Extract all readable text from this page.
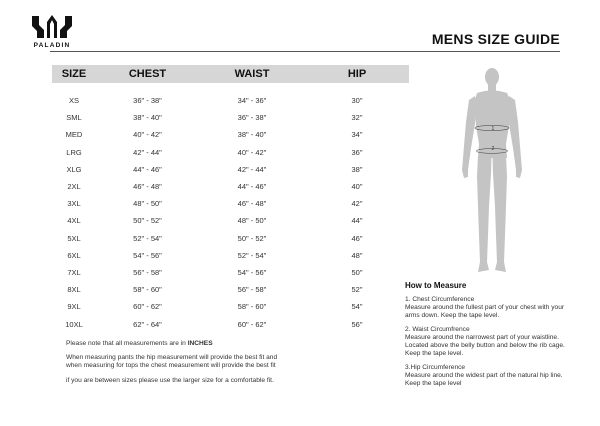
PALADIN	MENS SIZE GUIDE
SIZE	CHEST	WAIST	HIP

XS	36" - 38"	34" - 36"	30"
SML	38" - 40"	36" - 38"	32"
MED	40" - 42"	38" - 40"	34"
LRG	42" - 44"	40" - 42"	36"
XLG	44" - 46"	42" - 44"	38"
2XL	46" - 48"	44" - 46"	40"
3XL	48" - 50"	46" - 48"	42"
4XL	50" - 52"	48" - 50"	44"
5XL	52" - 54"	50" - 52"	46"
6XL	54" - 56"	52" - 54"	48"
7XL	56" - 58"	54" - 56"	50"
8XL	58" - 60"	56" - 58"	52"
9XL	60" - 62"	58" - 60"	54"
10XL	62" - 64"	60" - 62"	56"

Please note that all measurements are in INCHES

When measuring pants the hip measurement will provide the best fit and
when measuring for tops the chest measurement will provide the best fit

if you are between sizes please use the larger size for a comfortable fit.

1
2
How to Measure
1. Chest Circumference
Measure around the fullest part of your chest with your
arms down. Keep the tape level.
2. Waist Circumfrence
Measure around the narrowest part of your waistline.
Located above the belly button and below the rib cage.
Keep the tape level.
3.Hip Circumference
Measure around the widest part of the natural hip line.
Keep the tape level
